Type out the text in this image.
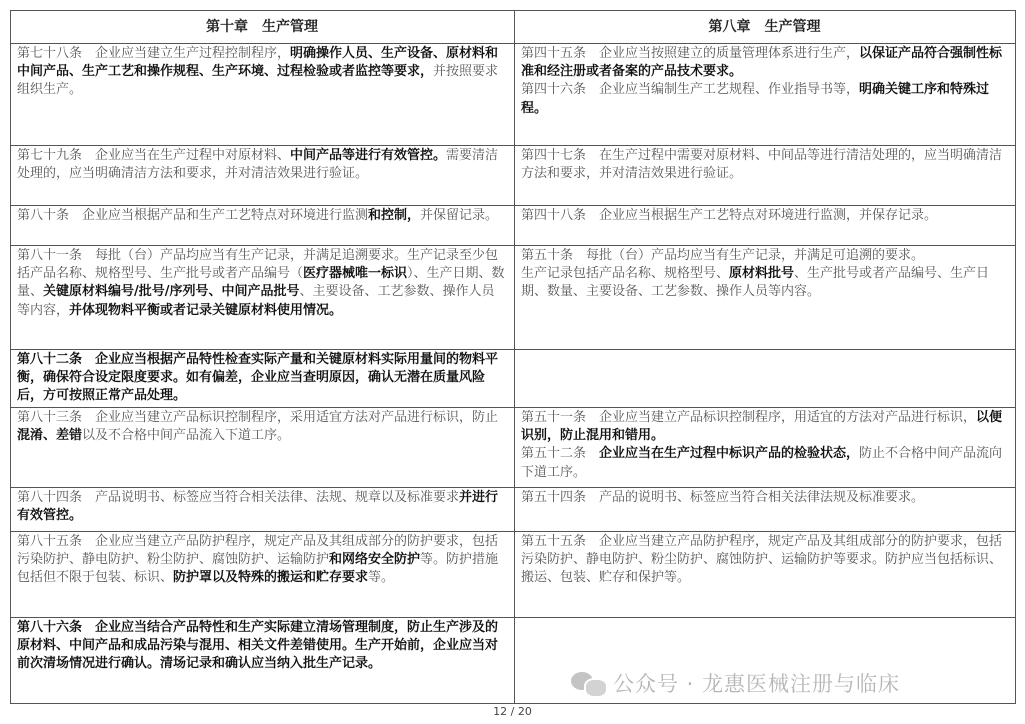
第十章　生产管理	第八章　生产管理

第七十八条　企业应当建立生产过程控制程序，明确操作人员、生产设备、原材料和中间产品、生产工艺和操作规程、生产环境、过程检验或者监控等要求，并按照要求组织生产。	第四十五条　企业应当按照建立的质量管理体系进行生产，以保证产品符合强制性标准和经注册或者备案的产品技术要求。
第四十六条　企业应当编制生产工艺规程、作业指导书等，明确关键工序和特殊过程。

第七十九条　企业应当在生产过程中对原材料、中间产品等进行有效管控。需要清洁处理的，应当明确清洁方法和要求，并对清洁效果进行验证。	第四十七条　在生产过程中需要对原材料、中间品等进行清洁处理的，应当明确清洁方法和要求，并对清洁效果进行验证。

第八十条　企业应当根据产品和生产工艺特点对环境进行监测和控制，并保留记录。	第四十八条　企业应当根据生产工艺特点对环境进行监测，并保存记录。

第八十一条　每批（台）产品均应当有生产记录，并满足追溯要求。生产记录至少包括产品名称、规格型号、生产批号或者产品编号（医疗器械唯一标识）、生产日期、数量、关键原材料编号/批号/序列号、中间产品批号、主要设备、工艺参数、操作人员等内容，并体现物料平衡或者记录关键原材料使用情况。	第五十条　每批（台）产品均应当有生产记录，并满足可追溯的要求。
生产记录包括产品名称、规格型号、原材料批号、生产批号或者产品编号、生产日期、数量、主要设备、工艺参数、操作人员等内容。

第八十二条　企业应当根据产品特性检查实际产量和关键原材料实际用量间的物料平衡，确保符合设定限度要求。如有偏差，企业应当查明原因，确认无潜在质量风险后，方可按照正常产品处理。	

第八十三条　企业应当建立产品标识控制程序，采用适宜方法对产品进行标识，防止混淆、差错以及不合格中间产品流入下道工序。	第五十一条　企业应当建立产品标识控制程序，用适宜的方法对产品进行标识，以便识别，防止混用和错用。
第五十二条　企业应当在生产过程中标识产品的检验状态，防止不合格中间产品流向下道工序。

第八十四条　产品说明书、标签应当符合相关法律、法规、规章以及标准要求并进行有效管控。	第五十四条　产品的说明书、标签应当符合相关法律法规及标准要求。

第八十五条　企业应当建立产品防护程序，规定产品及其组成部分的防护要求，包括污染防护、静电防护、粉尘防护、腐蚀防护、运输防护和网络安全防护等。防护措施包括但不限于包装、标识、防护罩以及特殊的搬运和贮存要求等。	第五十五条　企业应当建立产品防护程序，规定产品及其组成部分的防护要求，包括污染防护、静电防护、粉尘防护、腐蚀防护、运输防护等要求。防护应当包括标识、搬运、包装、贮存和保护等。

第八十六条　企业应当结合产品特性和生产实际建立清场管理制度，防止生产涉及的原材料、中间产品和成品污染与混用、相关文件差错使用。生产开始前，企业应当对前次清场情况进行确认。清场记录和确认应当纳入批生产记录。	

12 / 20
公众号 · 龙惠医械注册与临床
